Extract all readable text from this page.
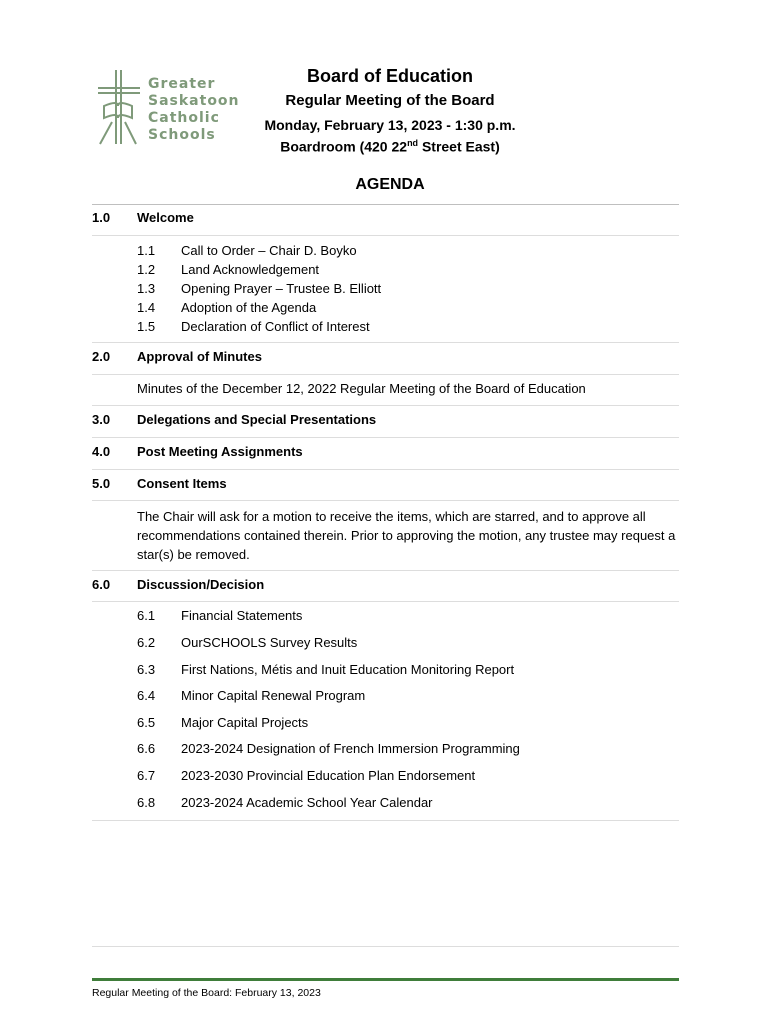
Greater
Saskatoon
Catholic
Schools
Board of Education
Regular Meeting of the Board
Monday, February 13, 2023 - 1:30 p.m.
Boardroom (420 22nd Street East)
AGENDA
1.0 Welcome
1.1 Call to Order – Chair D. Boyko
1.2 Land Acknowledgement
1.3 Opening Prayer – Trustee B. Elliott
1.4 Adoption of the Agenda
1.5 Declaration of Conflict of Interest
2.0 Approval of Minutes
Minutes of the December 12, 2022 Regular Meeting of the Board of Education
3.0 Delegations and Special Presentations
4.0 Post Meeting Assignments
5.0 Consent Items
The Chair will ask for a motion to receive the items, which are starred, and to approve all recommendations contained therein. Prior to approving the motion, any trustee may request a star(s) be removed.
6.0 Discussion/Decision
6.1 Financial Statements
6.2 OurSCHOOLS Survey Results
6.3 First Nations, Métis and Inuit Education Monitoring Report
6.4 Minor Capital Renewal Program
6.5 Major Capital Projects
6.6 2023-2024 Designation of French Immersion Programming
6.7 2023-2030 Provincial Education Plan Endorsement
6.8 2023-2024 Academic School Year Calendar
Regular Meeting of the Board: February 13, 2023
